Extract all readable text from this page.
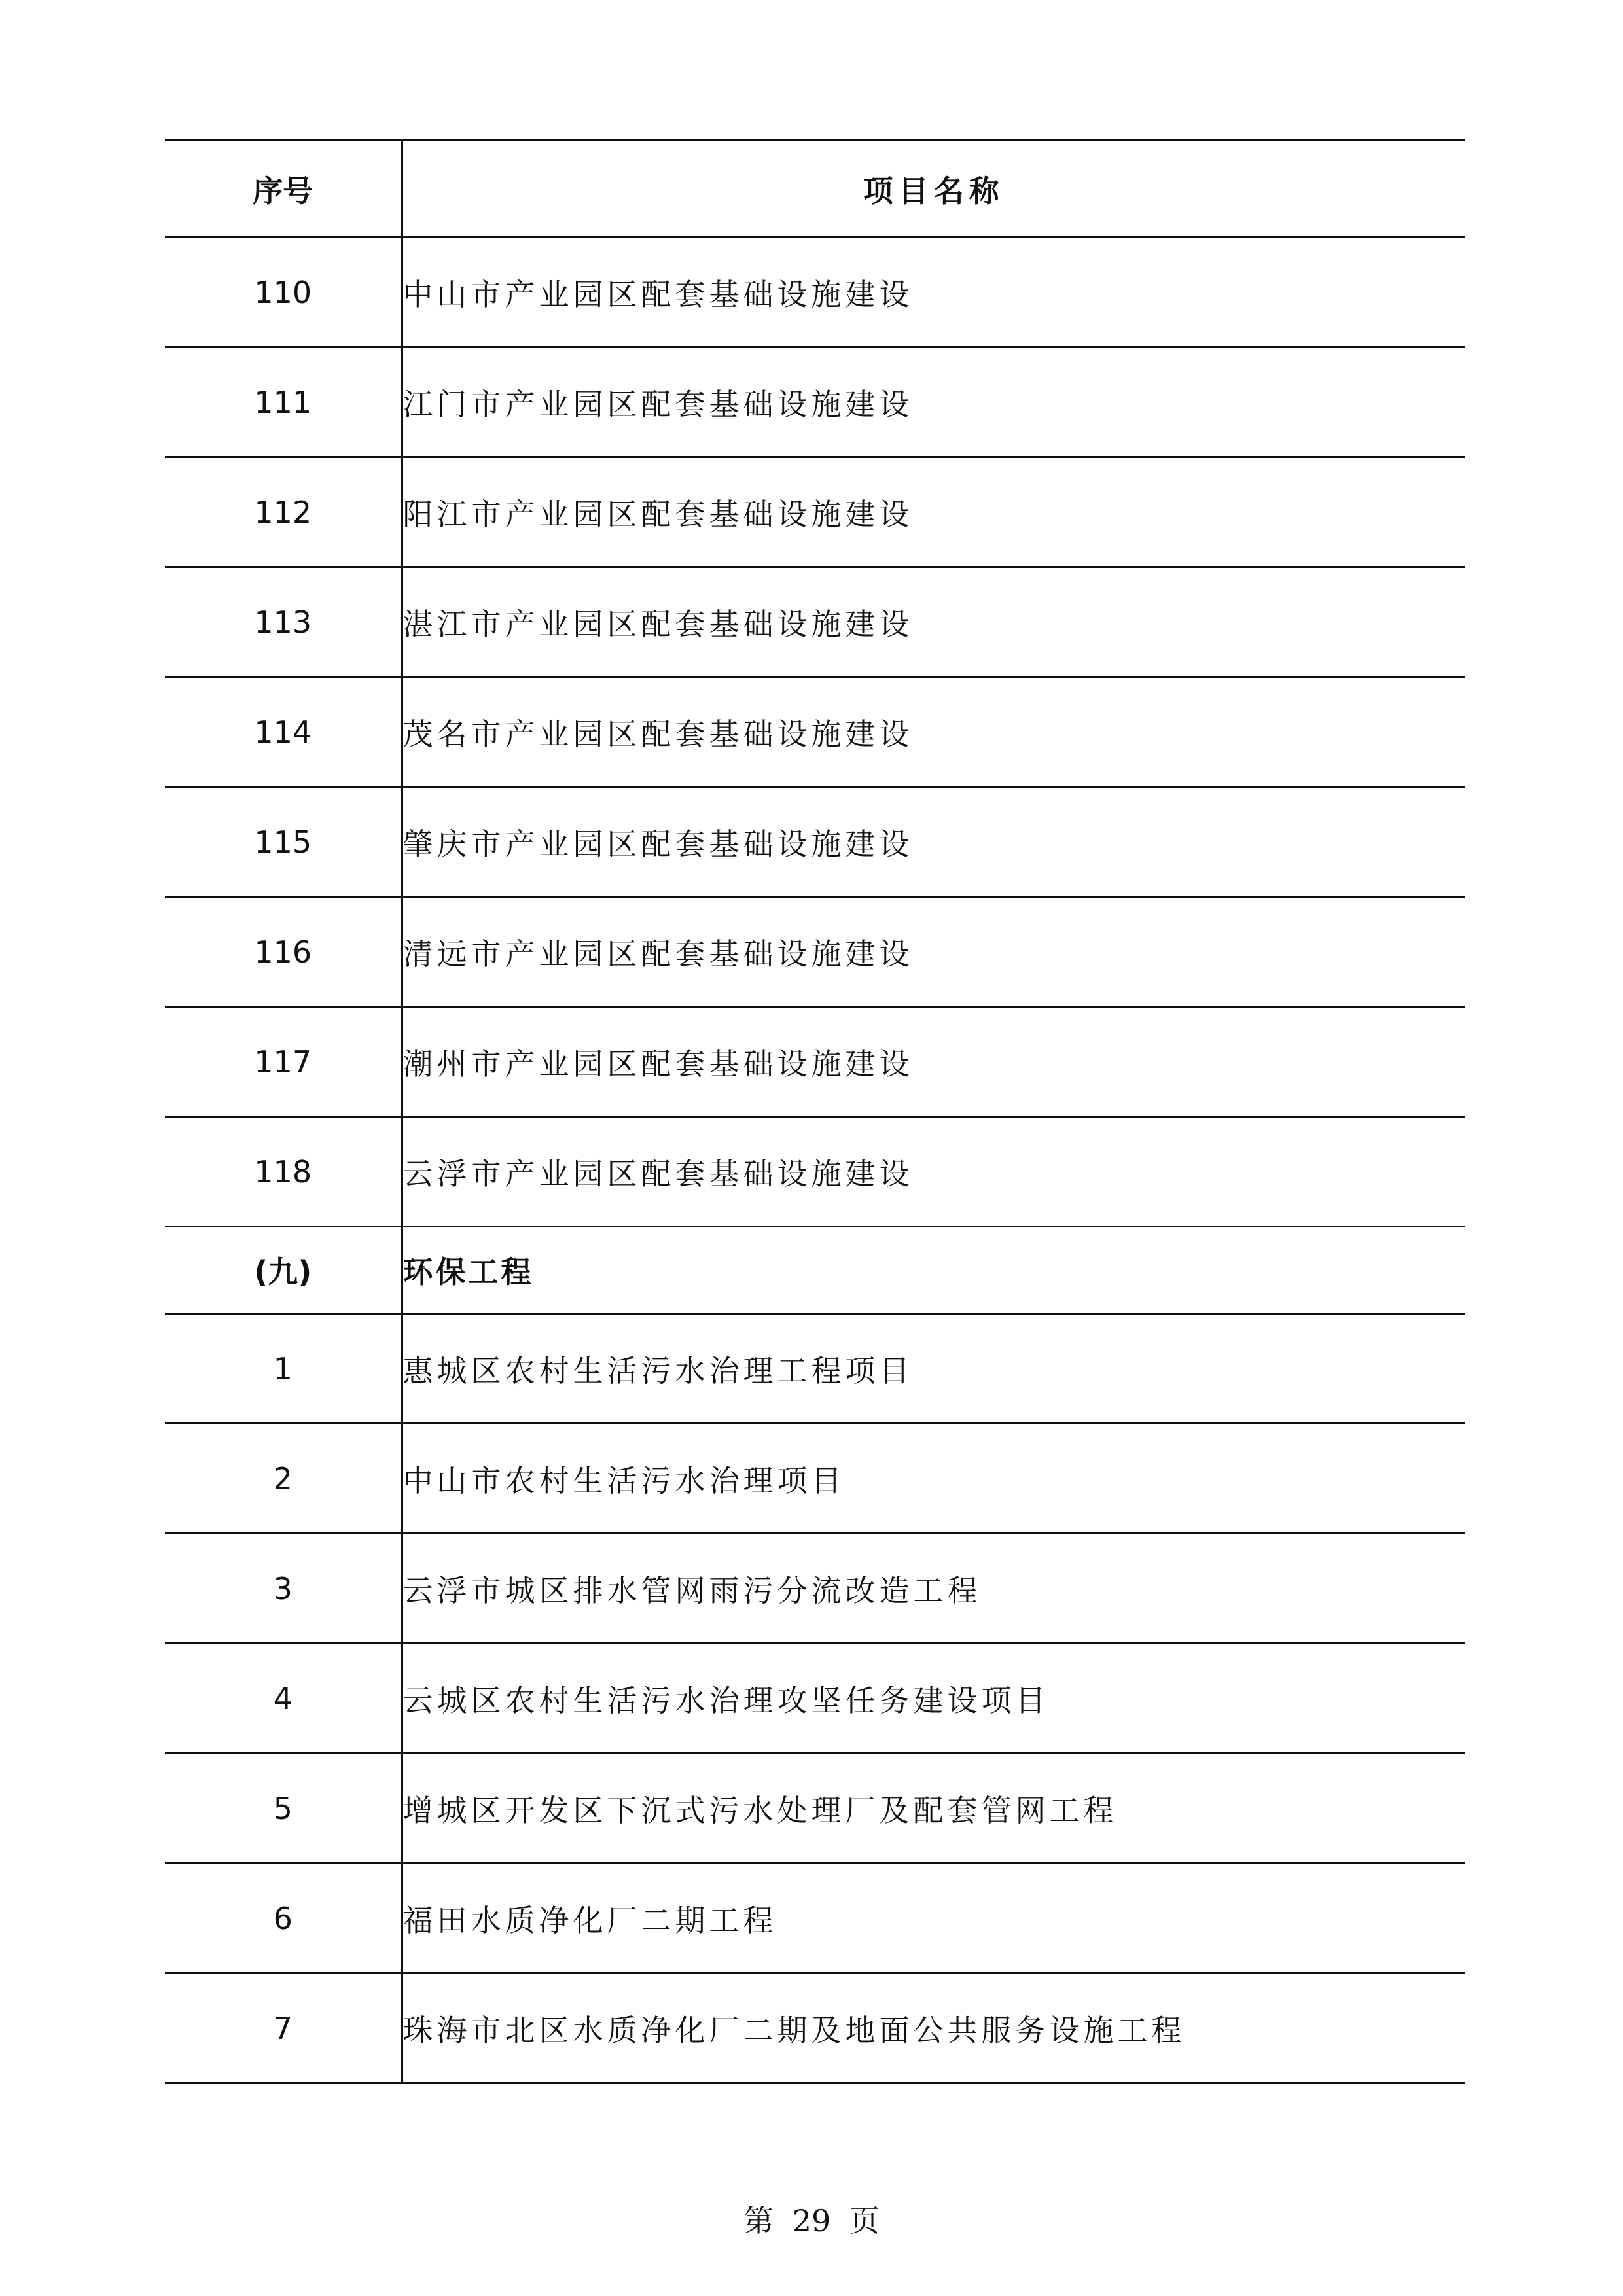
序号	项目名称
110	中山市产业园区配套基础设施建设
111	江门市产业园区配套基础设施建设
112	阳江市产业园区配套基础设施建设
113	湛江市产业园区配套基础设施建设
114	茂名市产业园区配套基础设施建设
115	肇庆市产业园区配套基础设施建设
116	清远市产业园区配套基础设施建设
117	潮州市产业园区配套基础设施建设
118	云浮市产业园区配套基础设施建设
(九)	环保工程
1	惠城区农村生活污水治理工程项目
2	中山市农村生活污水治理项目
3	云浮市城区排水管网雨污分流改造工程
4	云城区农村生活污水治理攻坚任务建设项目
5	增城区开发区下沉式污水处理厂及配套管网工程
6	福田水质净化厂二期工程
7	珠海市北区水质净化厂二期及地面公共服务设施工程
第 29 页
